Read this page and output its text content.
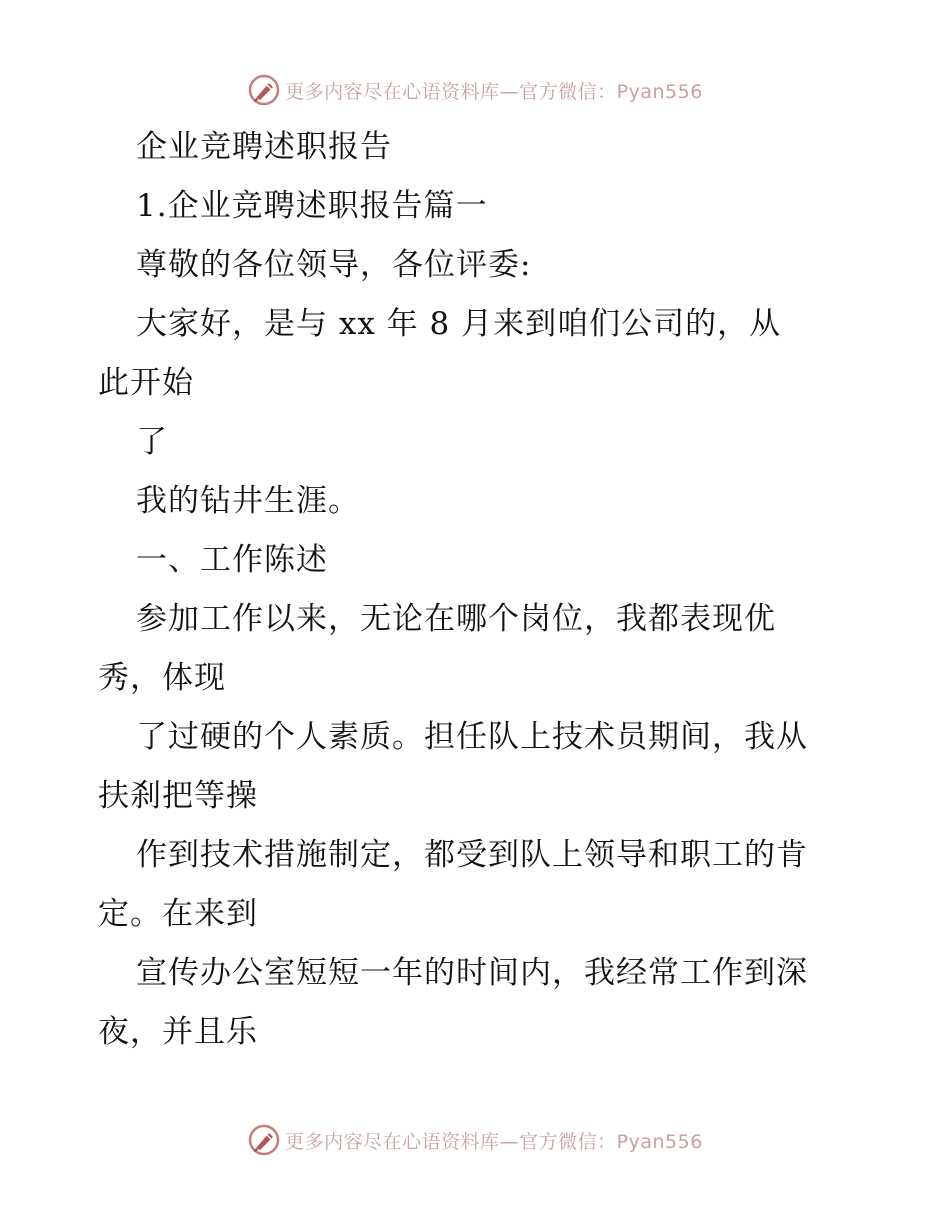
更多内容尽在心语资料库—官方微信：Pyan556
企业竞聘述职报告
1.企业竞聘述职报告篇一
尊敬的各位领导，各位评委:
大家好，是与 xx 年 8 月来到咱们公司的，从
此开始
了
我的钻井生涯。
一、工作陈述
参加工作以来，无论在哪个岗位，我都表现优
秀，体现
了过硬的个人素质。担任队上技术员期间，我从
扶刹把等操
作到技术措施制定，都受到队上领导和职工的肯
定。在来到
宣传办公室短短一年的时间内，我经常工作到深
夜，并且乐
更多内容尽在心语资料库—官方微信：Pyan556
